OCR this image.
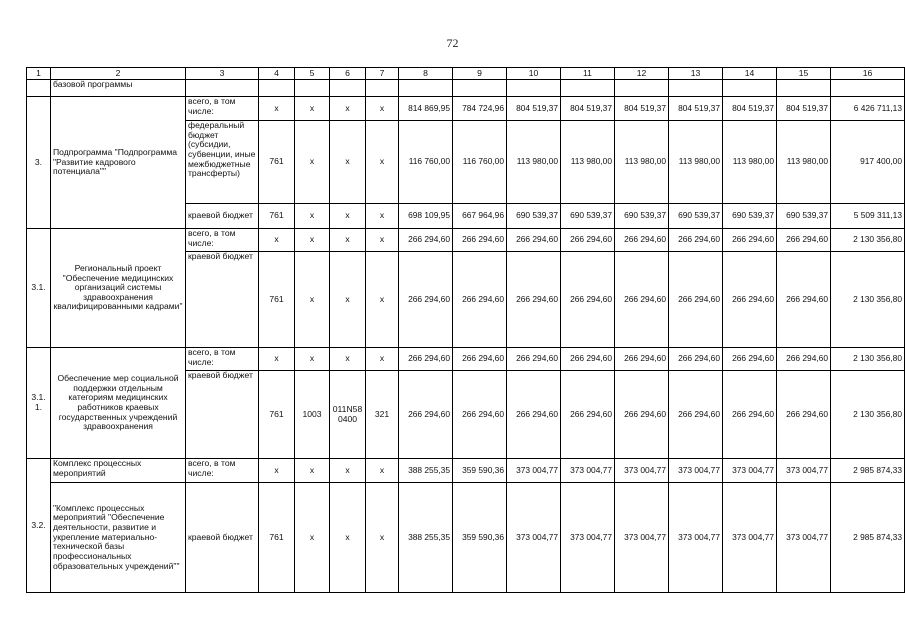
72
1	2	3	4	5	6	7	8	9	10	11	12	13	14	15	16
	базовой программы														
3.	Подпрограмма "Подпрограмма "Развитие кадрового потенциала""	всего, в том числе:	x	x	x	x	814 869,95	784 724,96	804 519,37	804 519,37	804 519,37	804 519,37	804 519,37	804 519,37	6 426 711,13
		федеральный бюджет (субсидии, субвенции, иные межбюджетные трансферты)	761	x	x	x	116 760,00	116 760,00	113 980,00	113 980,00	113 980,00	113 980,00	113 980,00	113 980,00	917 400,00
		краевой бюджет	761	x	x	x	698 109,95	667 964,96	690 539,37	690 539,37	690 539,37	690 539,37	690 539,37	690 539,37	5 509 311,13
3.1.	Региональный проект "Обеспечение медицинских организаций системы здравоохранения квалифицированными кадрами"	всего, в том числе:	x	x	x	x	266 294,60	266 294,60	266 294,60	266 294,60	266 294,60	266 294,60	266 294,60	266 294,60	2 130 356,80
		краевой бюджет	761	x	x	x	266 294,60	266 294,60	266 294,60	266 294,60	266 294,60	266 294,60	266 294,60	266 294,60	2 130 356,80
3.1.1.	Обеспечение мер социальной поддержки отдельным категориям медицинских работников краевых государственных учреждений здравоохранения	всего, в том числе:	x	x	x	x	266 294,60	266 294,60	266 294,60	266 294,60	266 294,60	266 294,60	266 294,60	266 294,60	2 130 356,80
		краевой бюджет	761	1003	011N580400	321	266 294,60	266 294,60	266 294,60	266 294,60	266 294,60	266 294,60	266 294,60	266 294,60	2 130 356,80
3.2.	Комплекс процессных мероприятий	всего, в том числе:	x	x	x	x	388 255,35	359 590,36	373 004,77	373 004,77	373 004,77	373 004,77	373 004,77	373 004,77	2 985 874,33
	"Комплекс процессных мероприятий "Обеспечение деятельности, развитие и укрепление материально-технической базы профессиональных образовательных учреждений""	краевой бюджет	761	x	x	x	388 255,35	359 590,36	373 004,77	373 004,77	373 004,77	373 004,77	373 004,77	373 004,77	2 985 874,33
